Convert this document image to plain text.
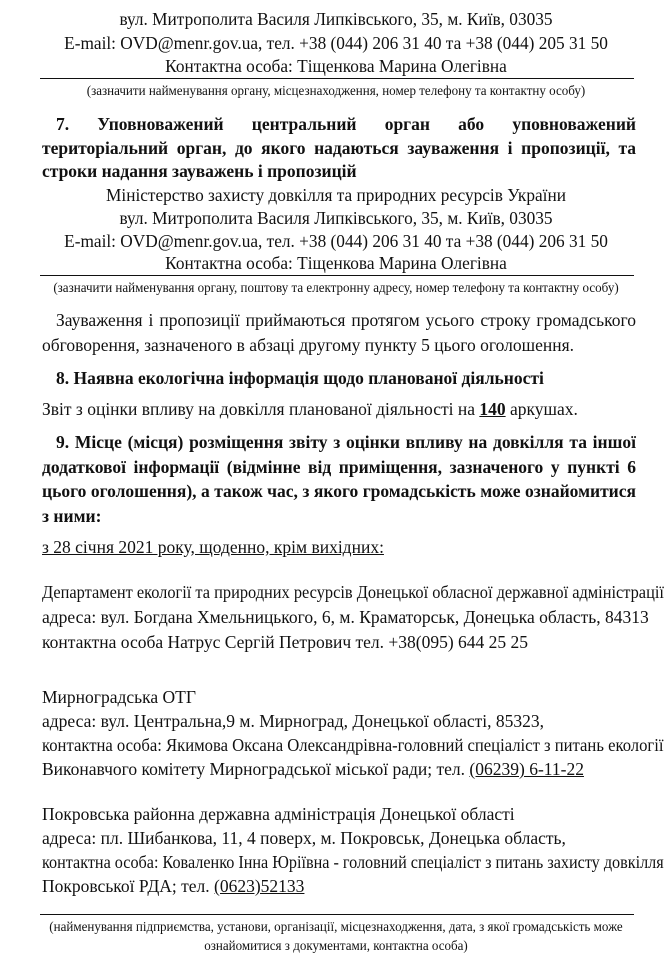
вул. Митрополита Василя Липківського, 35, м. Київ, 03035
E-mail: OVD@menr.gov.ua, тел. +38 (044) 206 31 40 та +38 (044) 205 31 50
Контактна особа: Тіщенкова Марина Олегівна
(зазначити найменування органу, місцезнаходження, номер телефону та контактну особу)
7. Уповноважений центральний орган або уповноважений територіальний орган, до якого надаються зауваження і пропозиції, та строки надання зауважень і пропозицій
Міністерство захисту довкілля та природних ресурсів України
вул. Митрополита Василя Липківського, 35, м. Київ, 03035
E-mail: OVD@menr.gov.ua, тел. +38 (044) 206 31 40 та +38 (044) 206 31 50
Контактна особа: Тіщенкова Марина Олегівна
(зазначити найменування органу, поштову та електронну адресу, номер телефону та контактну особу)
Зауваження і пропозиції приймаються протягом усього строку громадського обговорення, зазначеного в абзаці другому пункту 5 цього оголошення.
8. Наявна екологічна інформація щодо планованої діяльності
Звіт з оцінки впливу на довкілля планованої діяльності на 140 аркушах.
9. Місце (місця) розміщення звіту з оцінки впливу на довкілля та іншої додаткової інформації (відмінне від приміщення, зазначеного у пункті 6 цього оголошення), а також час, з якого громадськість може ознайомитися з ними:
з 28 січня 2021 року, щоденно, крім вихідних:
Департамент екології та природних ресурсів Донецької обласної державної адміністрації
адреса: вул. Богдана Хмельницького, 6, м. Краматорськ, Донецька область, 84313
контактна особа Натрус Сергій Петрович тел. +38(095) 644 25 25
Мирноградська ОТГ
адреса: вул. Центральна,9 м. Мирноград, Донецької області, 85323,
контактна особа: Якимова Оксана Олександрівна-головний спеціаліст з питань екології
Виконавчого комітету Мирноградської міської ради; тел. (06239) 6-11-22
Покровська районна державна адміністрація Донецької області
адреса: пл. Шибанкова, 11, 4 поверх, м. Покровськ, Донецька область,
контактна особа: Коваленко Інна Юріївна - головний спеціаліст з питань захисту довкілля
Покровської РДА; тел. (0623)52133
(найменування підприємства, установи, організації, місцезнаходження, дата, з якої громадськість може
ознайомитися з документами, контактна особа)
